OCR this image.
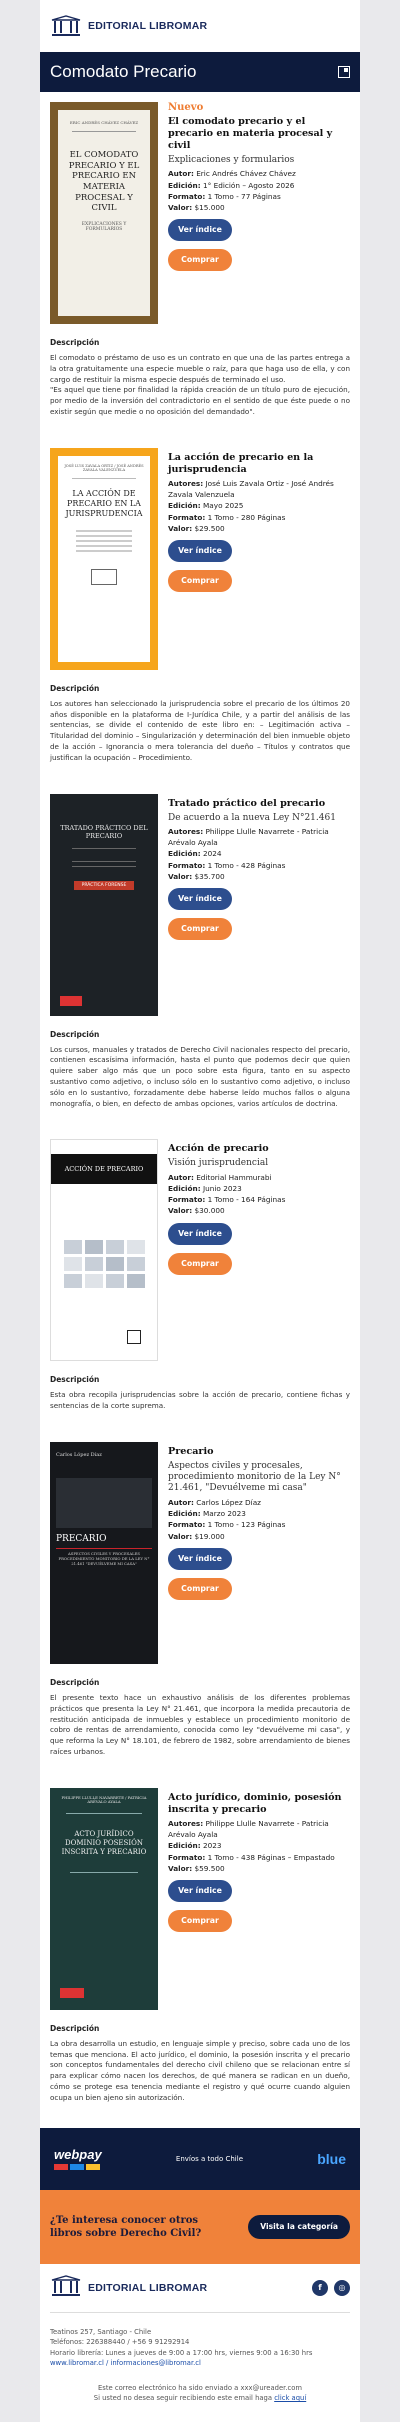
EDITORIAL LIBROMAR
Comodato Precario
ERIC ANDRÉS CHÁVEZ CHÁVEZ
EL COMODATO PRECARIO Y EL PRECARIO EN MATERIA PROCESAL Y CIVIL
EXPLICACIONES Y FORMULARIOS
Nuevo
El comodato precario y el precario en materia procesal y civil
Explicaciones y formularios
Autor: Eric Andrés Chávez Chávez
Edición: 1° Edición – Agosto 2026
Formato: 1 Tomo - 77 Páginas
Valor: $15.000
Ver índice
Comprar
Descripción
El comodato o préstamo de uso es un contrato en que una de las partes entrega a la otra gratuitamente una especie mueble o raíz, para que haga uso de ella, y con cargo de restituir la misma especie después de terminado el uso.
"Es aquel que tiene por finalidad la rápida creación de un título puro de ejecución, por medio de la inversión del contradictorio en el sentido de que éste puede o no existir según que medie o no oposición del demandado".
JOSÉ LUIS ZAVALA ORTIZ / JOSÉ ANDRÉS ZAVALA VALENZUELA
LA ACCIÓN DE PRECARIO EN LA JURISPRUDENCIA
La acción de precario en la jurisprudencia
Autores: José Luis Zavala Ortiz - José Andrés Zavala Valenzuela
Edición: Mayo 2025
Formato: 1 Tomo - 280 Páginas
Valor: $29.500
Ver índice
Comprar
Descripción
Los autores han seleccionado la jurisprudencia sobre el precario de los últimos 20 años disponible en la plataforma de I-Jurídica Chile, y a partir del análisis de las sentencias, se divide el contenido de este libro en: – Legitimación activa – Titularidad del dominio – Singularización y determinación del bien inmueble objeto de la acción – Ignorancia o mera tolerancia del dueño – Títulos y contratos que justifican la ocupación – Procedimiento.
TRATADO PRÁCTICO DEL PRECARIO
PRÁCTICA FORENSE
Tratado práctico del precario
De acuerdo a la nueva Ley N°21.461
Autores: Philippe Llulle Navarrete - Patricia Arévalo Ayala
Edición: 2024
Formato: 1 Tomo - 428 Páginas
Valor: $35.700
Ver índice
Comprar
Descripción
Los cursos, manuales y tratados de Derecho Civil nacionales respecto del precario, contienen escasísima información, hasta el punto que podemos decir que quien quiere saber algo más que un poco sobre esta figura, tanto en su aspecto sustantivo como adjetivo, o incluso sólo en lo sustantivo como adjetivo, o incluso sólo en lo sustantivo, forzadamente debe haberse leído muchos fallos o alguna monografía, o bien, en defecto de ambas opciones, varios artículos de doctrina.
ACCIÓN DE PRECARIO
Acción de precario
Visión jurisprudencial
Autor: Editorial Hammurabi
Edición: Junio 2023
Formato: 1 Tomo - 164 Páginas
Valor: $30.000
Ver índice
Comprar
Descripción
Esta obra recopila jurisprudencias sobre la acción de precario, contiene fichas y sentencias de la corte suprema.
Carlos López Díaz
PRECARIO
ASPECTOS CIVILES Y PROCESALES PROCEDIMIENTO MONITORIO DE LA LEY N° 21.461 "DEVUÉLVEME MI CASA"
Precario
Aspectos civiles y procesales, procedimiento monitorio de la Ley N° 21.461, "Devuélveme mi casa"
Autor: Carlos López Díaz
Edición: Marzo 2023
Formato: 1 Tomo - 123 Páginas
Valor: $19.000
Ver índice
Comprar
Descripción
El presente texto hace un exhaustivo análisis de los diferentes problemas prácticos que presenta la Ley N° 21.461, que incorpora la medida precautoria de restitución anticipada de inmuebles y establece un procedimiento monitorio de cobro de rentas de arrendamiento, conocida como ley "devuélveme mi casa", y que reforma la Ley N° 18.101, de febrero de 1982, sobre arrendamiento de bienes raíces urbanos.
PHILIPPE LLULLE NAVARRETE / PATRICIA ARÉVALO AYALA
ACTO JURÍDICO DOMINIO POSESIÓN INSCRITA Y PRECARIO
Acto jurídico, dominio, posesión inscrita y precario
Autores: Philippe Llulle Navarrete - Patricia Arévalo Ayala
Edición: 2023
Formato: 1 Tomo - 438 Páginas – Empastado
Valor: $59.500
Ver índice
Comprar
Descripción
La obra desarrolla un estudio, en lenguaje simple y preciso, sobre cada uno de los temas que menciona. El acto jurídico, el dominio, la posesión inscrita y el precario son conceptos fundamentales del derecho civil chileno que se relacionan entre sí para explicar cómo nacen los derechos, de qué manera se radican en un dueño, cómo se protege esa tenencia mediante el registro y qué ocurre cuando alguien ocupa un bien ajeno sin autorización.
webpay	Envíos a todo Chile	blue
¿Te interesa conocer otros libros sobre Derecho Civil?
Visita la categoría
EDITORIAL LIBROMAR	f	◎
Teatinos 257, Santiago - Chile
Teléfonos: 226388440 / +56 9 91292914
Horario librería: Lunes a jueves de 9:00 a 17:00 hrs, viernes 9:00 a 16:30 hrs
www.libromar.cl / informaciones@libromar.cl
Este correo electrónico ha sido enviado a xxx@ureader.com
Si usted no desea seguir recibiendo este email haga click aquí
